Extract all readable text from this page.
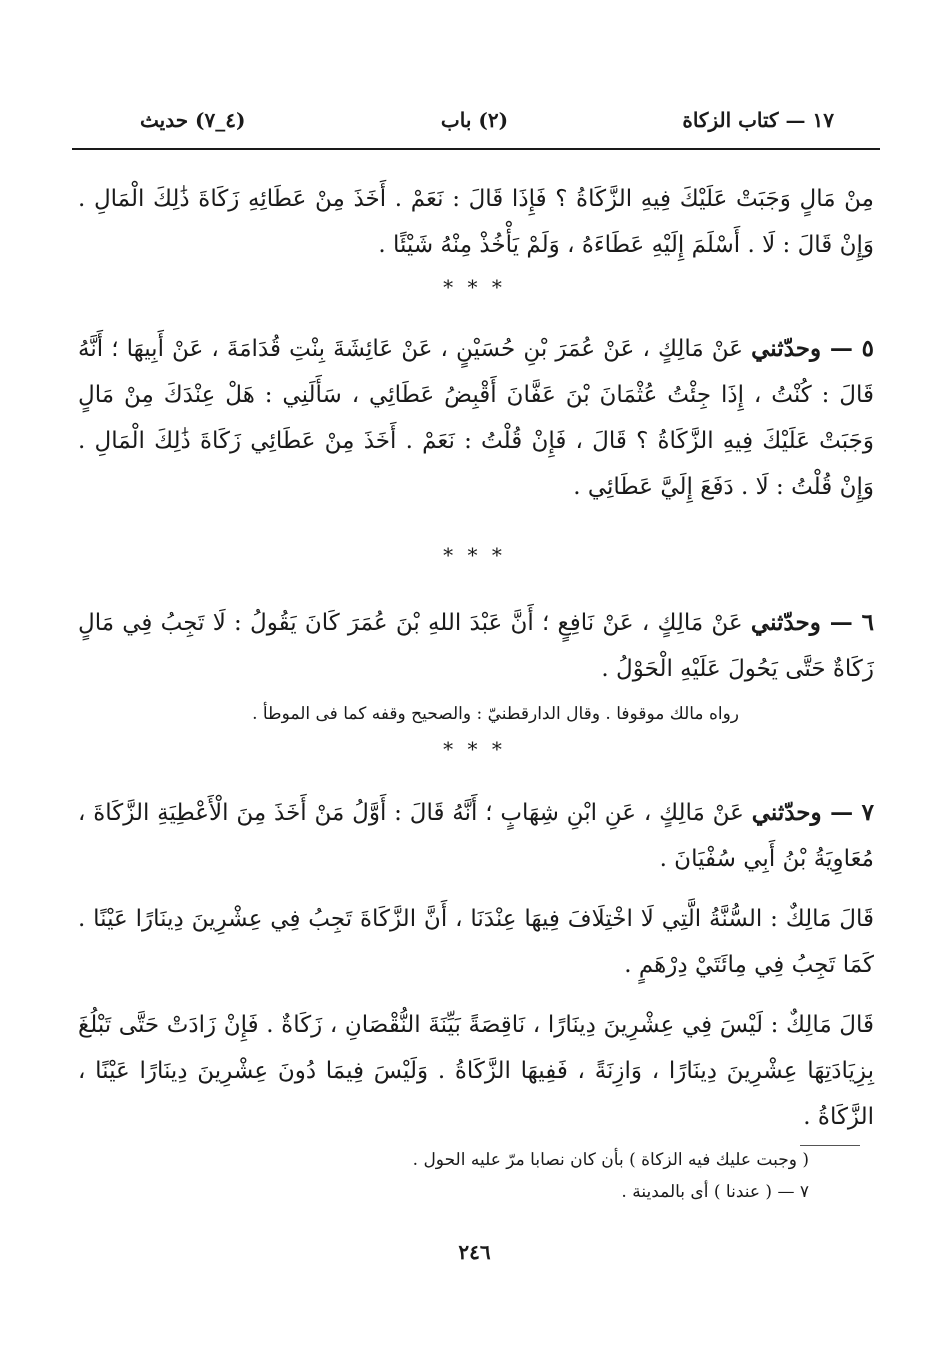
١٧ — كتاب الزكاة
(٢) باب
(٤_٧) حديث

مِنْ مَالٍ وَجَبَتْ عَلَيْكَ فِيهِ الزَّكَاةُ ؟ فَإِذَا قَالَ : نَعَمْ . أَخَذَ مِنْ عَطَائِهِ زَكَاةَ ذَٰلِكَ الْمَالِ . وَإِنْ قَالَ : لَا . أَسْلَمَ إِلَيْهِ عَطَاءَهُ ، وَلَمْ يَأْخُذْ مِنْهُ شَيْئًا .

* * *

٥ — وحدّثني عَنْ مَالِكٍ ، عَنْ عُمَرَ بْنِ حُسَيْنٍ ، عَنْ عَائِشَةَ بِنْتِ قُدَامَةَ ، عَنْ أَبِيهَا ؛ أَنَّهُ قَالَ : كُنْتُ ، إِذَا جِئْتُ عُثْمَانَ بْنَ عَفَّانَ أَقْبِضُ عَطَائِي ، سَأَلَنِي : هَلْ عِنْدَكَ مِنْ مَالٍ وَجَبَتْ عَلَيْكَ فِيهِ الزَّكَاةُ ؟ قَالَ ، فَإِنْ قُلْتُ : نَعَمْ . أَخَذَ مِنْ عَطَائِي زَكَاةَ ذَٰلِكَ الْمَالِ . وَإِنْ قُلْتُ : لَا . دَفَعَ إِلَيَّ عَطَائِي .

* * *

٦ — وحدّثني عَنْ مَالِكٍ ، عَنْ نَافِعٍ ؛ أَنَّ عَبْدَ اللهِ بْنَ عُمَرَ كَانَ يَقُولُ : لَا تَجِبُ فِي مَالٍ زَكَاةٌ حَتَّى يَحُولَ عَلَيْهِ الْحَوْلُ .

رواه مالك موقوفا . وقال الدارقطنيّ : والصحيح وقفه كما فى الموطأ .
* * *

٧ — وحدّثني عَنْ مَالِكٍ ، عَنِ ابْنِ شِهَابٍ ؛ أَنَّهُ قَالَ : أَوَّلُ مَنْ أَخَذَ مِنَ الْأَعْطِيَةِ الزَّكَاةَ ، مُعَاوِيَةُ بْنُ أَبِي سُفْيَانَ .

قَالَ مَالِكٌ : السُّنَّةُ الَّتِي لَا اخْتِلَافَ فِيهَا عِنْدَنَا ، أَنَّ الزَّكَاةَ تَجِبُ فِي عِشْرِينَ دِينَارًا عَيْنًا . كَمَا تَجِبُ فِي مِائَتَيْ دِرْهَمٍ .

قَالَ مَالِكٌ : لَيْسَ فِي عِشْرِينَ دِينَارًا ، نَاقِصَةً بَيِّنَةَ النُّقْصَانِ ، زَكَاةٌ . فَإِنْ زَادَتْ حَتَّى تَبْلُغَ بِزِيَادَتِهَا عِشْرِينَ دِينَارًا ، وَازِنَةً ، فَفِيهَا الزَّكَاةُ . وَلَيْسَ فِيمَا دُونَ عِشْرِينَ دِينَارًا عَيْنًا ، الزَّكَاةُ .

( وجبت عليك فيه الزكاة ) بأن كان نصابا مرّ عليه الحول .
٧ — ( عندنا ) أى بالمدينة .
٢٤٦
